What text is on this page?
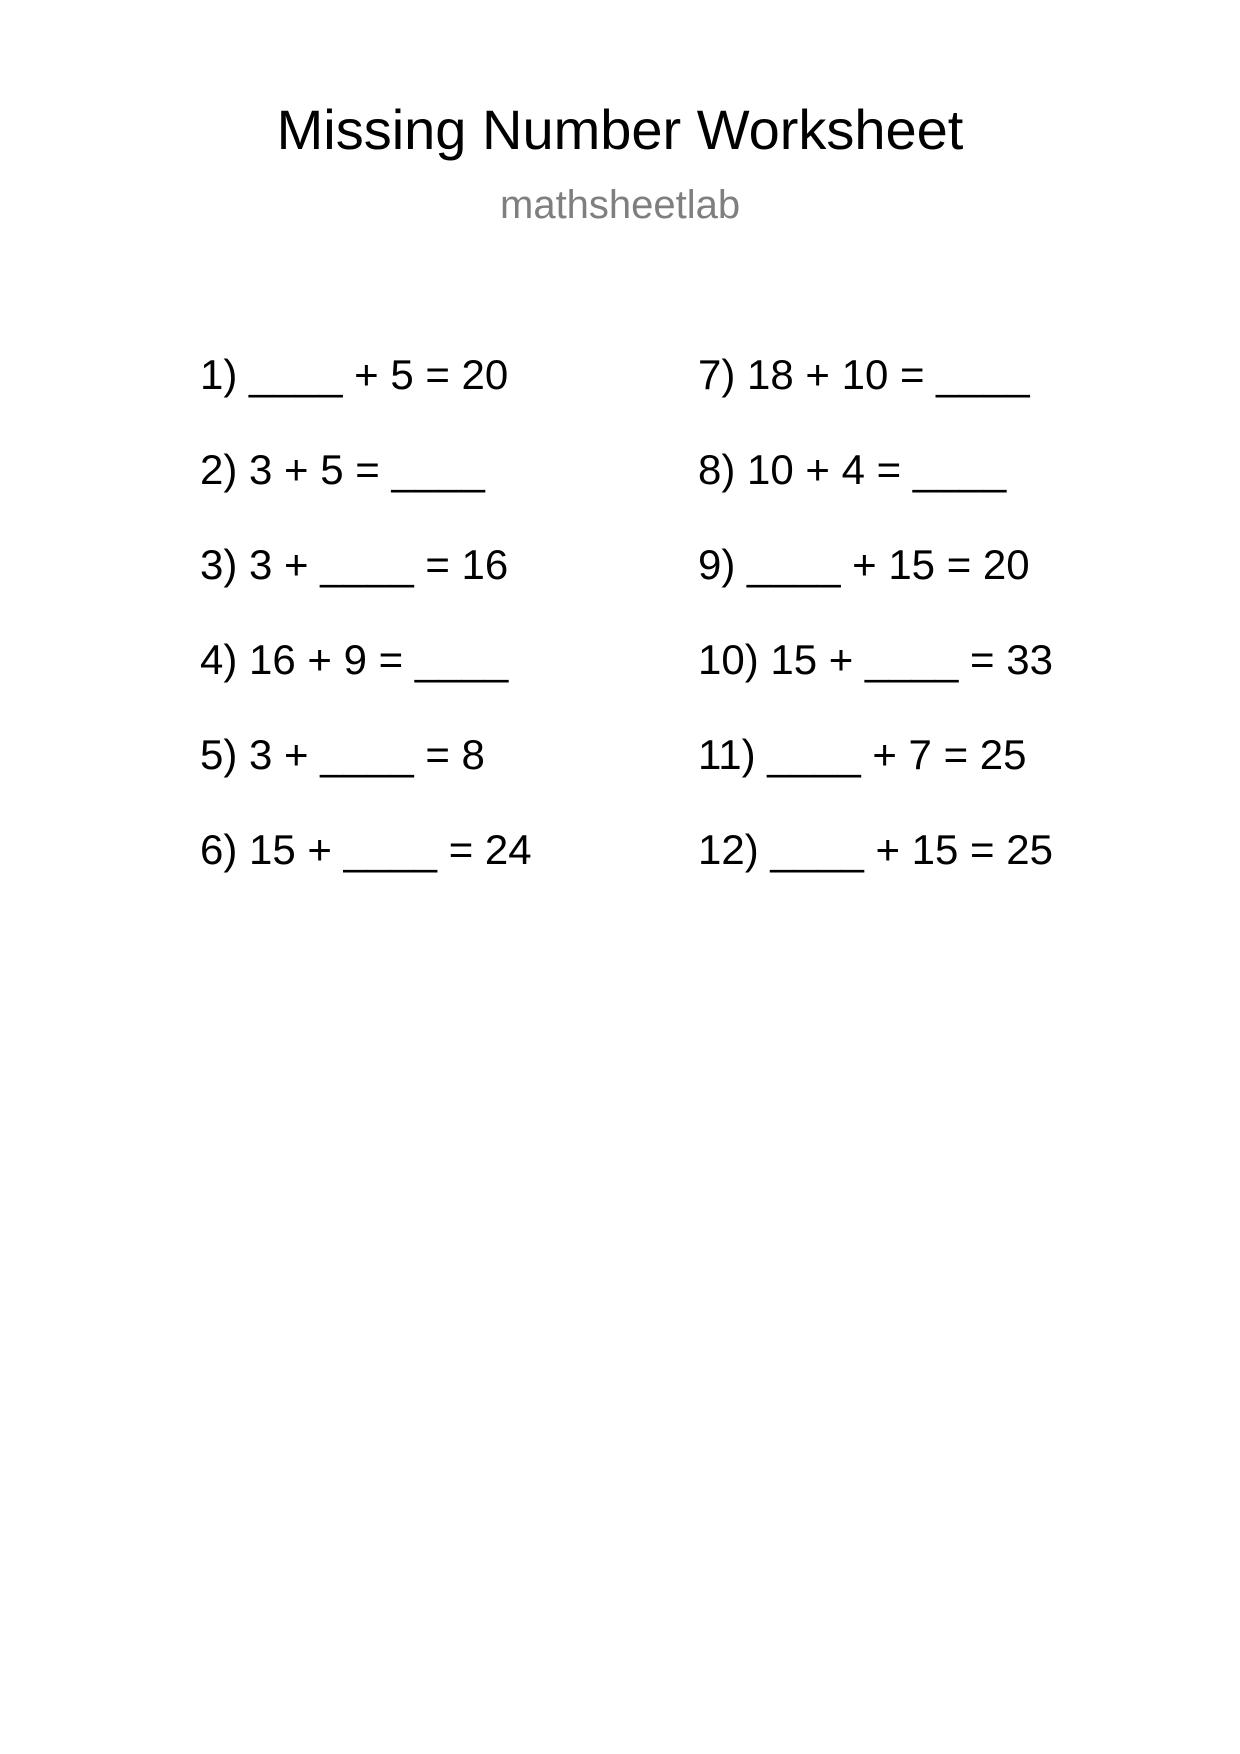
Missing Number Worksheet
mathsheetlab
1) ____ + 5 = 20
2) 3 + 5 = ____
3) 3 + ____ = 16
4) 16 + 9 = ____
5) 3 + ____ = 8
6) 15 + ____ = 24
7) 18 + 10 = ____
8) 10 + 4 = ____
9) ____ + 15 = 20
10) 15 + ____ = 33
11) ____ + 7 = 25
12) ____ + 15 = 25
